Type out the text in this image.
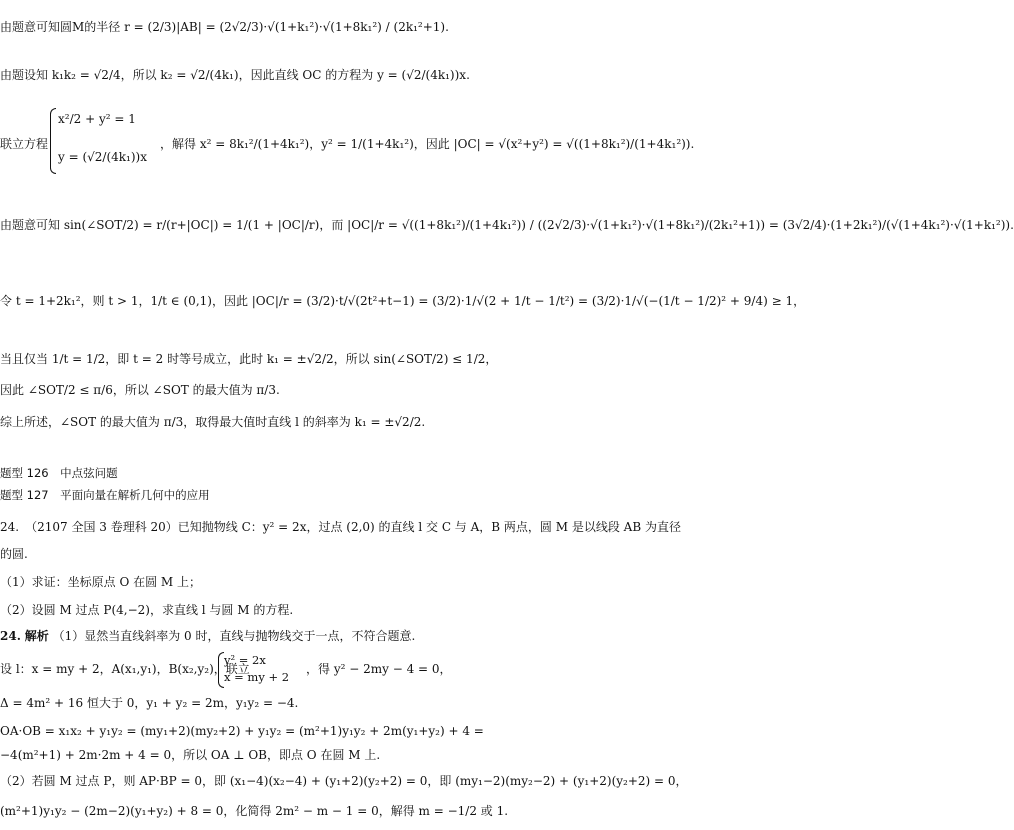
由题意可知圆M的半径 r = (2/3)|AB| = (2√2/3)·√(1+k₁²)·√(1+8k₁²) / (2k₁²+1).
由题设知 k₁k₂ = √2/4，所以 k₂ = √2/(4k₁)，因此直线 OC 的方程为 y = (√2/(4k₁))x.
联立方程
x²/2 + y² = 1
y = (√2/(4k₁))x
，解得 x² = 8k₁²/(1+4k₁²)，y² = 1/(1+4k₁²)，因此 |OC| = √(x²+y²) = √((1+8k₁²)/(1+4k₁²)).
由题意可知 sin(∠SOT/2) = r/(r+|OC|) = 1/(1 + |OC|/r)，而 |OC|/r = √((1+8k₁²)/(1+4k₁²)) / ((2√2/3)·√(1+k₁²)·√(1+8k₁²)/(2k₁²+1)) = (3√2/4)·(1+2k₁²)/(√(1+4k₁²)·√(1+k₁²)).
令 t = 1+2k₁²，则 t > 1，1/t ∈ (0,1)，因此 |OC|/r = (3/2)·t/√(2t²+t−1) = (3/2)·1/√(2 + 1/t − 1/t²) = (3/2)·1/√(−(1/t − 1/2)² + 9/4) ≥ 1，
当且仅当 1/t = 1/2，即 t = 2 时等号成立，此时 k₁ = ±√2/2，所以 sin(∠SOT/2) ≤ 1/2，
因此 ∠SOT/2 ≤ π/6，所以 ∠SOT 的最大值为 π/3.
综上所述，∠SOT 的最大值为 π/3，取得最大值时直线 l 的斜率为 k₁ = ±√2/2.
题型 126　中点弦问题
题型 127　平面向量在解析几何中的应用
24.　（2107 全国 3 卷理科 20）已知抛物线 C：y² = 2x，过点 (2,0) 的直线 l 交 C 与 A，B 两点，圆 M 是以线段 AB 为直径
的圆.
（1）求证：坐标原点 O 在圆 M 上；
（2）设圆 M 过点 P(4,−2)，求直线 l 与圆 M 的方程.
24. 解析 （1）显然当直线斜率为 0 时，直线与抛物线交于一点，不符合题意.
设 l：x = my + 2，A(x₁,y₁)，B(x₂,y₂)，联立
y² = 2x
x = my + 2
，得 y² − 2my − 4 = 0，
Δ = 4m² + 16 恒大于 0，y₁ + y₂ = 2m，y₁y₂ = −4.
OA·OB = x₁x₂ + y₁y₂ = (my₁+2)(my₂+2) + y₁y₂ = (m²+1)y₁y₂ + 2m(y₁+y₂) + 4 =
−4(m²+1) + 2m·2m + 4 = 0，所以 OA ⊥ OB，即点 O 在圆 M 上.
（2）若圆 M 过点 P，则 AP·BP = 0，即 (x₁−4)(x₂−4) + (y₁+2)(y₂+2) = 0，即 (my₁−2)(my₂−2) + (y₁+2)(y₂+2) = 0，
(m²+1)y₁y₂ − (2m−2)(y₁+y₂) + 8 = 0，化简得 2m² − m − 1 = 0，解得 m = −1/2 或 1.
